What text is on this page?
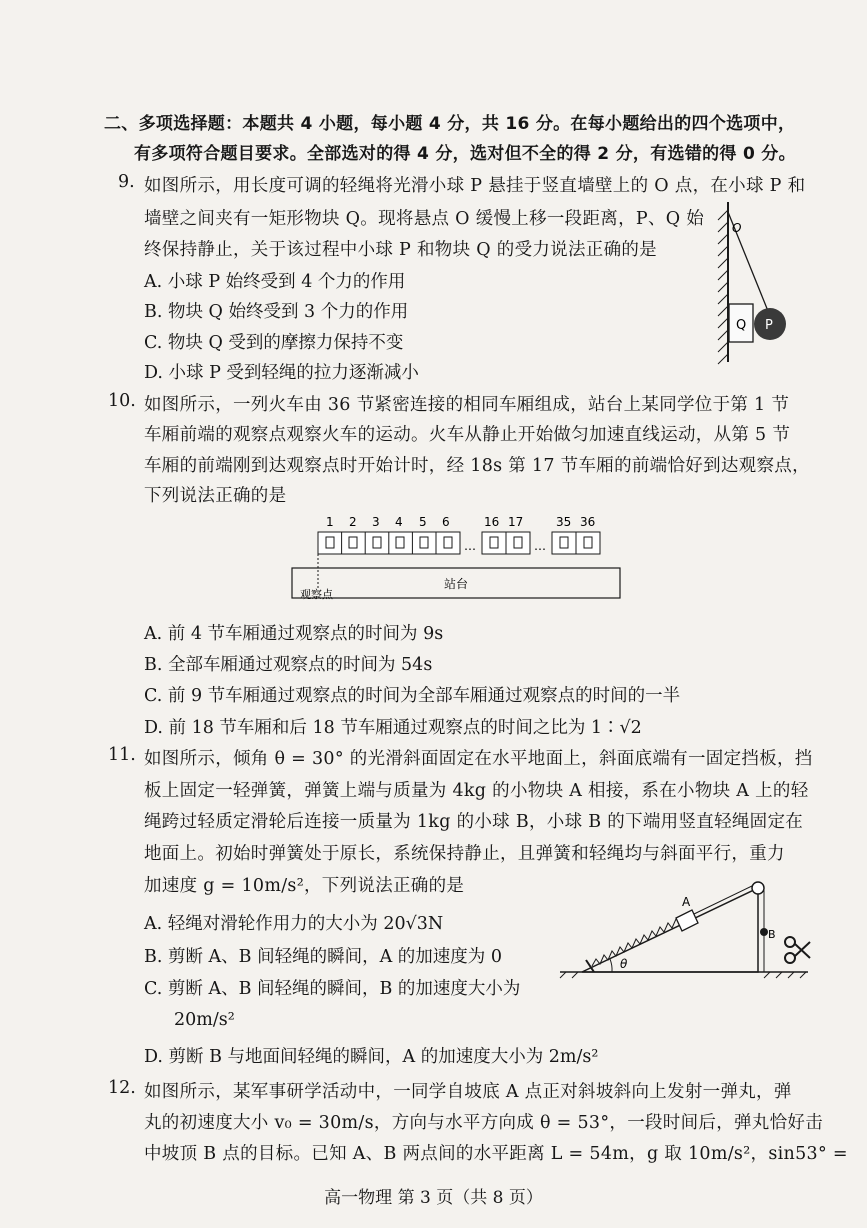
二、多项选择题：本题共 4 小题，每小题 4 分，共 16 分。在每小题给出的四个选项中，
有多项符合题目要求。全部选对的得 4 分，选对但不全的得 2 分，有选错的得 0 分。
9. 如图所示，用长度可调的轻绳将光滑小球 P 悬挂于竖直墙壁上的 O 点，在小球 P 和
墙壁之间夹有一矩形物块 Q。现将悬点 O 缓慢上移一段距离，P、Q 始
终保持静止，关于该过程中小球 P 和物块 Q 的受力说法正确的是
A. 小球 P 始终受到 4 个力的作用
B. 物块 Q 始终受到 3 个力的作用
C. 物块 Q 受到的摩擦力保持不变
D. 小球 P 受到轻绳的拉力逐渐减小
O
Q P
10. 如图所示，一列火车由 36 节紧密连接的相同车厢组成，站台上某同学位于第 1 节
车厢前端的观察点观察火车的运动。火车从静止开始做匀加速直线运动，从第 5 节
车厢的前端刚到达观察点时开始计时，经 18s 第 17 节车厢的前端恰好到达观察点，
下列说法正确的是
1 2 3 4 5 6	16 17	35 36
…	…
站台
观察点
A. 前 4 节车厢通过观察点的时间为 9s
B. 全部车厢通过观察点的时间为 54s
C. 前 9 节车厢通过观察点的时间为全部车厢通过观察点的时间的一半
D. 前 18 节车厢和后 18 节车厢通过观察点的时间之比为 1∶√2
11. 如图所示，倾角 θ = 30° 的光滑斜面固定在水平地面上，斜面底端有一固定挡板，挡
板上固定一轻弹簧，弹簧上端与质量为 4kg 的小物块 A 相接，系在小物块 A 上的轻
绳跨过轻质定滑轮后连接一质量为 1kg 的小球 B，小球 B 的下端用竖直轻绳固定在
地面上。初始时弹簧处于原长，系统保持静止，且弹簧和轻绳均与斜面平行，重力
加速度 g = 10m/s²，下列说法正确的是
A. 轻绳对滑轮作用力的大小为 20√3N
B. 剪断 A、B 间轻绳的瞬间，A 的加速度为 0
C. 剪断 A、B 间轻绳的瞬间，B 的加速度大小为
20m/s²
D. 剪断 B 与地面间轻绳的瞬间，A 的加速度大小为 2m/s²
A
B
θ
12. 如图所示，某军事研学活动中，一同学自坡底 A 点正对斜坡斜向上发射一弹丸，弹
丸的初速度大小 v₀ = 30m/s，方向与水平方向成 θ = 53°，一段时间后，弹丸恰好击
中坡顶 B 点的目标。已知 A、B 两点间的水平距离 L = 54m，g 取 10m/s²，sin53° =
高一物理 第 3 页（共 8 页）
